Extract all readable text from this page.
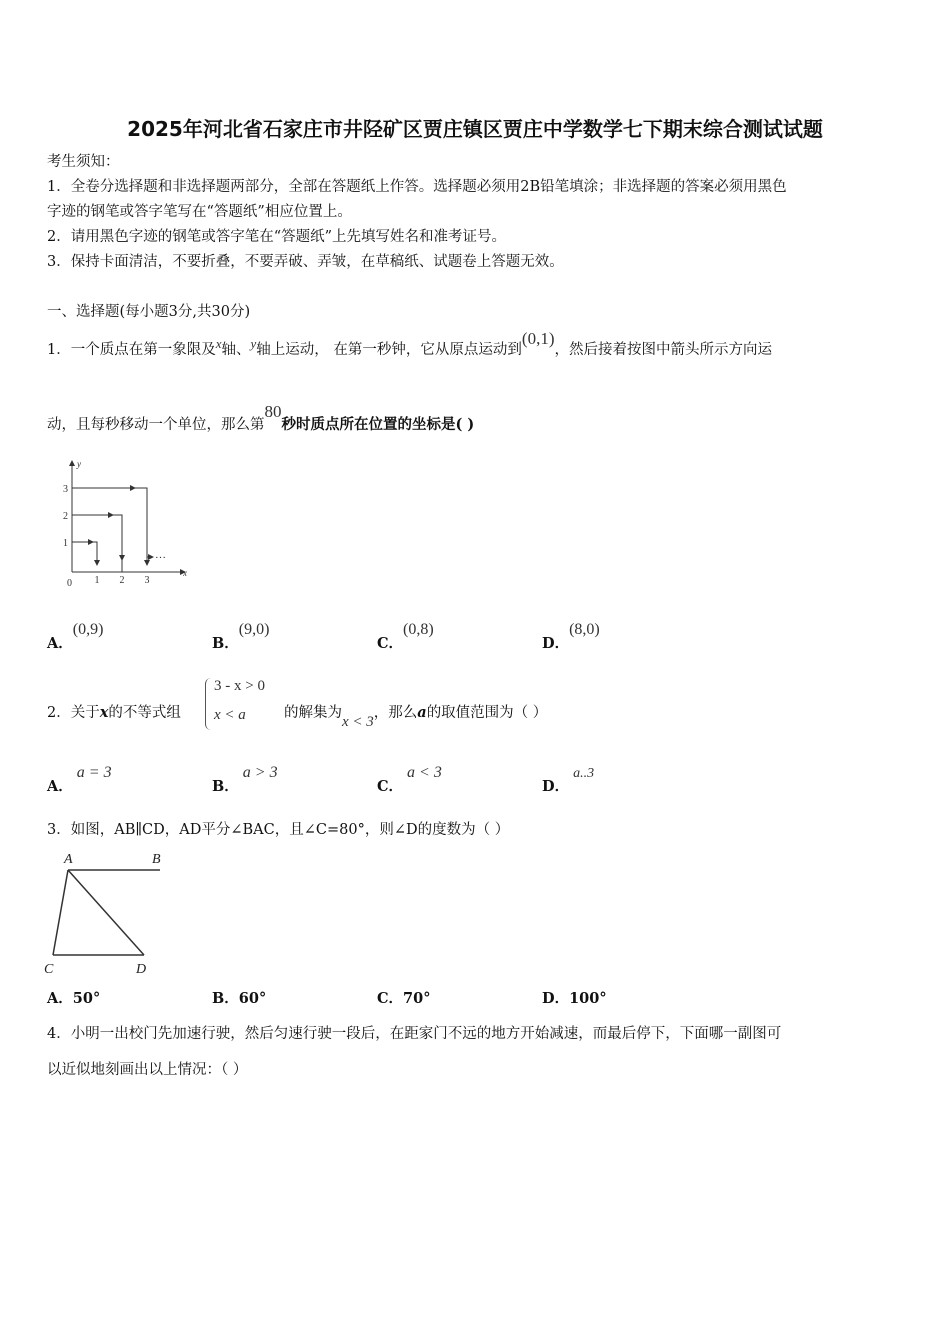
2025年河北省石家庄市井陉矿区贾庄镇区贾庄中学数学七下期末综合测试试题
考生须知：
1．全卷分选择题和非选择题两部分，全部在答题纸上作答。选择题必须用2B铅笔填涂；非选择题的答案必须用黑色
字迹的钢笔或答字笔写在“答题纸”相应位置上。
2．请用黑色字迹的钢笔或答字笔在“答题纸”上先填写姓名和准考证号。
3．保持卡面清洁，不要折叠，不要弄破、弄皱，在草稿纸、试题卷上答题无效。
一、选择题(每小题3分,共30分)
1．一个质点在第一象限及x轴、y轴上运动， 在第一秒钟，它从原点运动到(0,1)，然后接着按图中箭头所示方向运
动，且每秒移动一个单位，那么第80秒时质点所在位置的坐标是( )
0 1 2 3
1
2
3
x
y
…
A．(0,9)
B．(9,0)
C．(0,8)
D．(8,0)
2．关于x的不等式组
3 - x > 0
x < a	的解集为x < 3，那么a的取值范围为（ ）
A．a = 3
B．a > 3
C．a < 3
D．a..3
3．如图，AB∥CD，AD平分∠BAC，且∠C=80°，则∠D的度数为（ ）
A	B
C	D
A．50°	B．60°	C．70°	D．100°
4．小明一出校门先加速行驶，然后匀速行驶一段后，在距家门不远的地方开始减速，而最后停下，下面哪一副图可
以近似地刻画出以上情况：（ ）
